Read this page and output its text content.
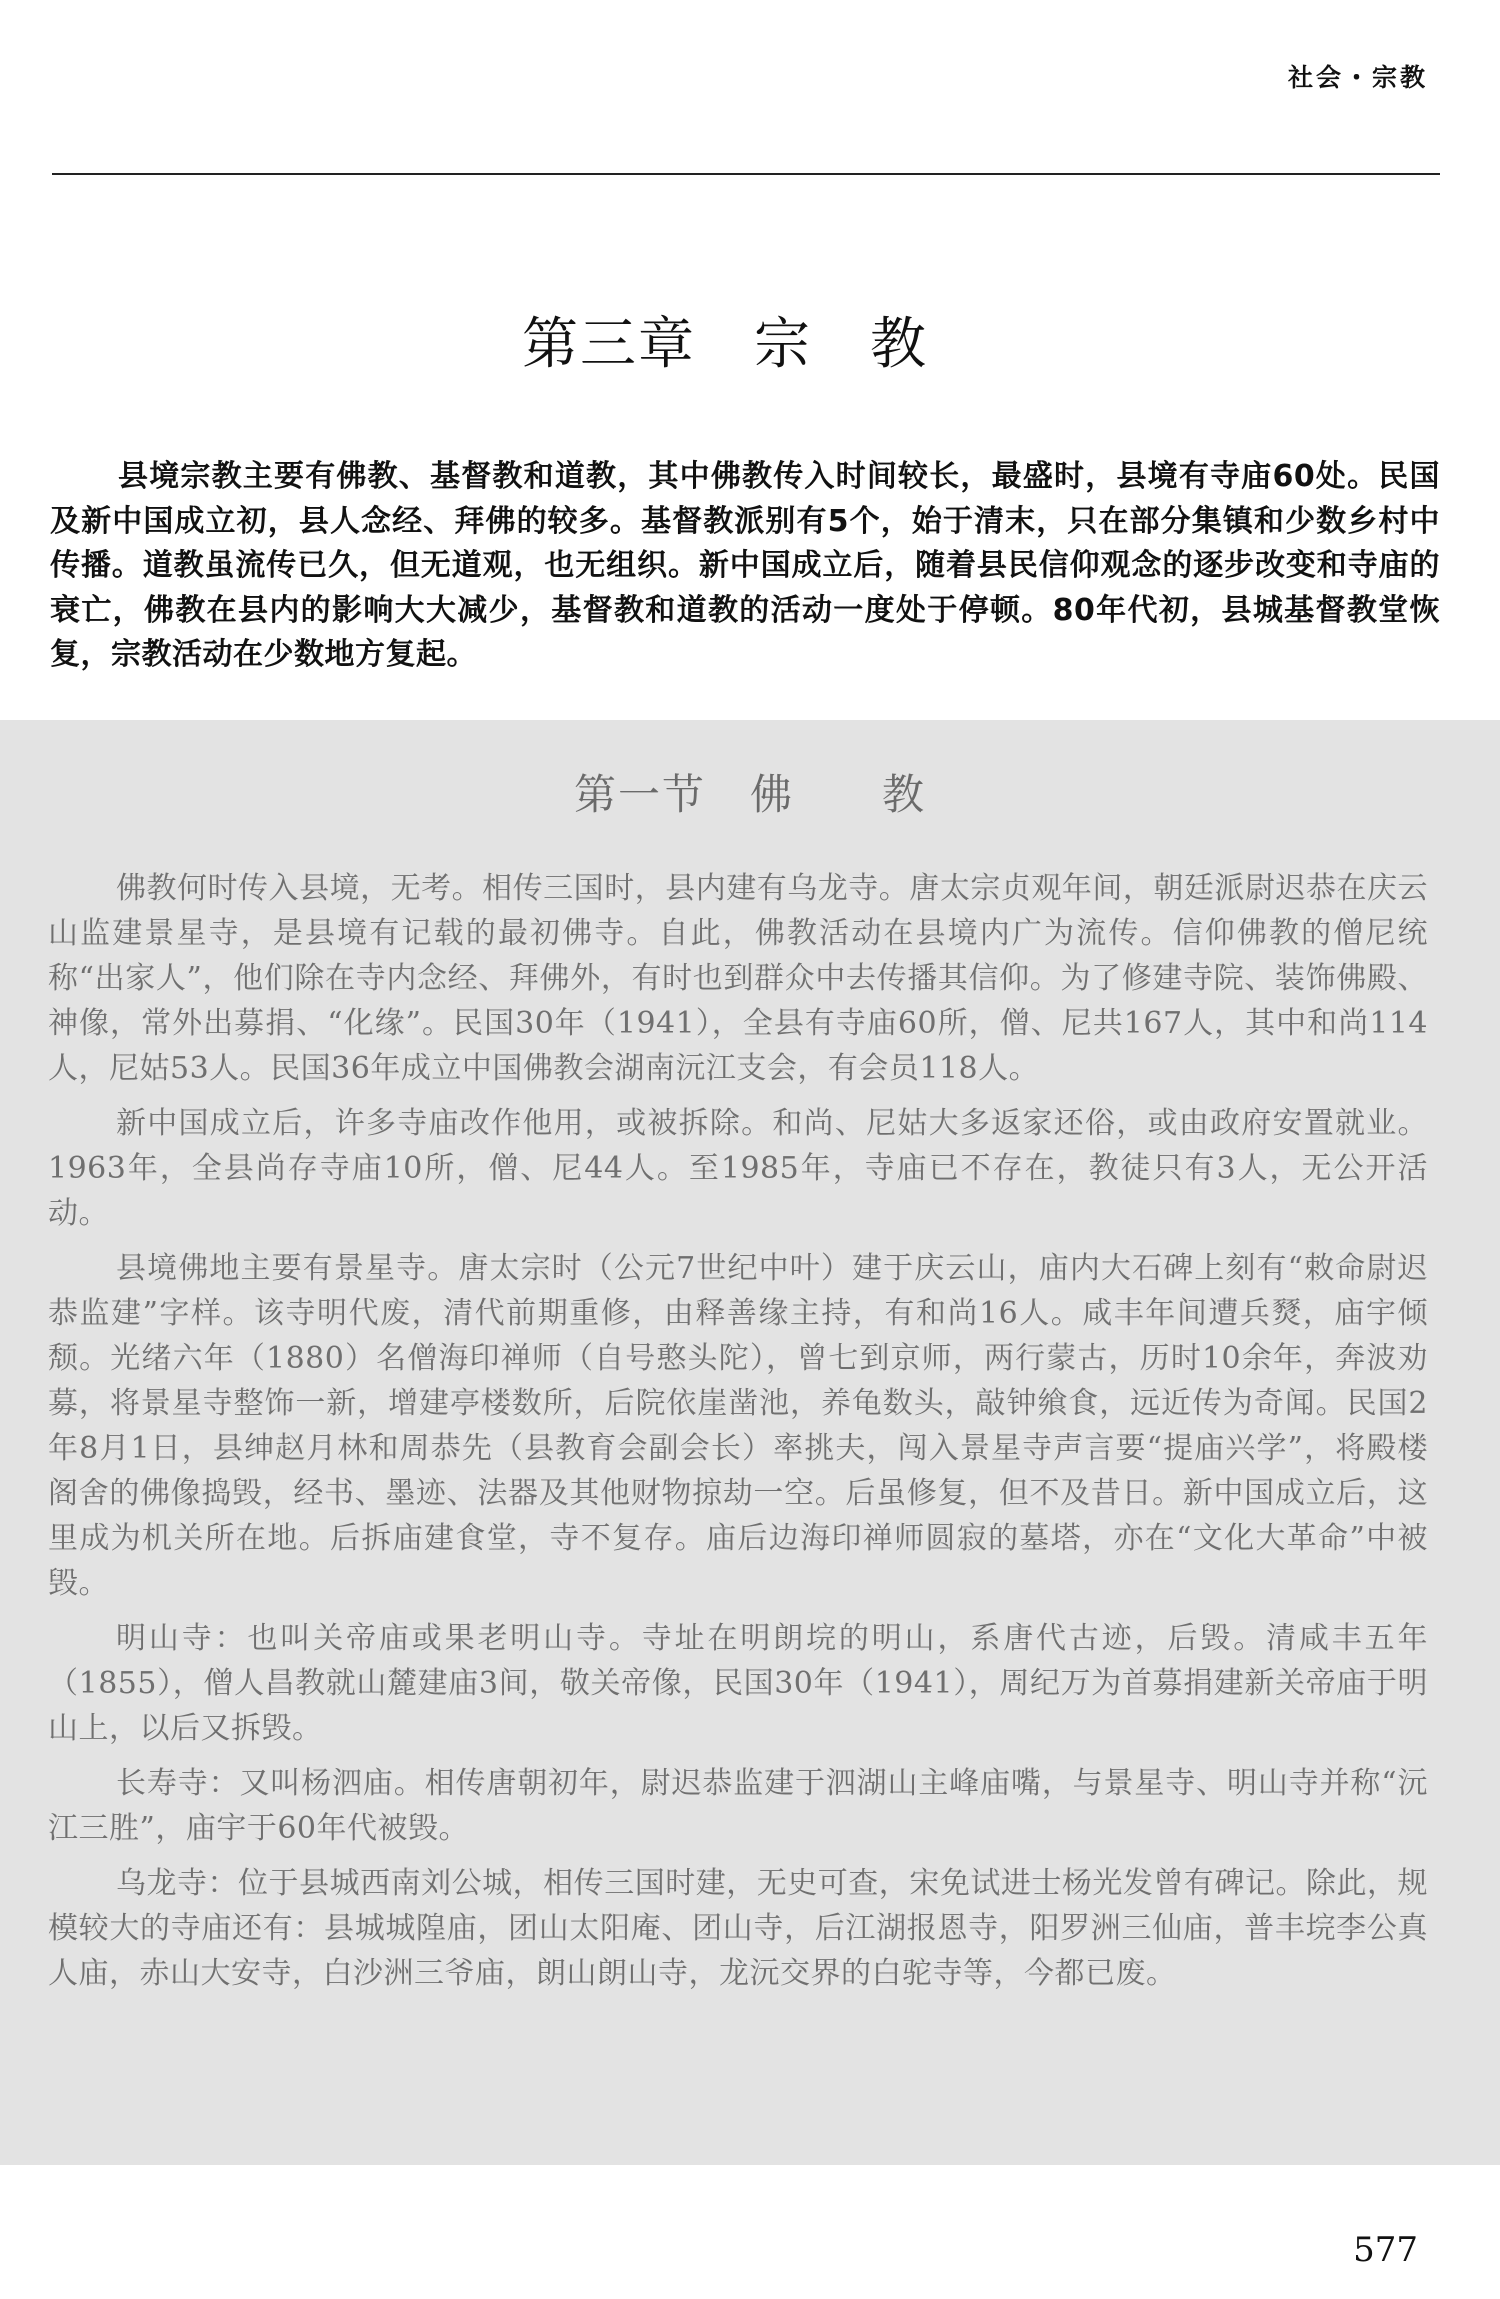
社会・宗教
第三章　宗　教

县境宗教主要有佛教、基督教和道教，其中佛教传入时间较长，最盛时，县境有寺庙60处。民国及新中国成立初，县人念经、拜佛的较多。基督教派别有5个，始于清末，只在部分集镇和少数乡村中传播。道教虽流传已久，但无道观，也无组织。新中国成立后，随着县民信仰观念的逐步改变和寺庙的衰亡，佛教在县内的影响大大减少，基督教和道教的活动一度处于停顿。80年代初，县城基督教堂恢复，宗教活动在少数地方复起。

第一节　佛　　教

佛教何时传入县境，无考。相传三国时，县内建有乌龙寺。唐太宗贞观年间，朝廷派尉迟恭在庆云山监建景星寺，是县境有记载的最初佛寺。自此，佛教活动在县境内广为流传。信仰佛教的僧尼统称“出家人”，他们除在寺内念经、拜佛外，有时也到群众中去传播其信仰。为了修建寺院、装饰佛殿、神像，常外出募捐、“化缘”。民国30年（1941），全县有寺庙60所，僧、尼共167人，其中和尚114人，尼姑53人。民国36年成立中国佛教会湖南沅江支会，有会员118人。

新中国成立后，许多寺庙改作他用，或被拆除。和尚、尼姑大多返家还俗，或由政府安置就业。1963年，全县尚存寺庙10所，僧、尼44人。至1985年，寺庙已不存在，教徒只有3人，无公开活动。

县境佛地主要有景星寺。唐太宗时（公元7世纪中叶）建于庆云山，庙内大石碑上刻有“敕命尉迟恭监建”字样。该寺明代废，清代前期重修，由释善缘主持，有和尚16人。咸丰年间遭兵燹，庙宇倾颓。光绪六年（1880）名僧海印禅师（自号憨头陀），曾七到京师，两行蒙古，历时10余年，奔波劝募，将景星寺整饰一新，增建亭楼数所，后院依崖凿池，养龟数头，敲钟飨食，远近传为奇闻。民国2年8月1日，县绅赵月林和周恭先（县教育会副会长）率挑夫，闯入景星寺声言要“提庙兴学”，将殿楼阁舍的佛像捣毁，经书、墨迹、法器及其他财物掠劫一空。后虽修复，但不及昔日。新中国成立后，这里成为机关所在地。后拆庙建食堂，寺不复存。庙后边海印禅师圆寂的墓塔，亦在“文化大革命”中被毁。

明山寺：也叫关帝庙或果老明山寺。寺址在明朗垸的明山，系唐代古迹，后毁。清咸丰五年（1855），僧人昌教就山麓建庙3间，敬关帝像，民国30年（1941），周纪万为首募捐建新关帝庙于明山上，以后又拆毁。

长寿寺：又叫杨泗庙。相传唐朝初年，尉迟恭监建于泗湖山主峰庙嘴，与景星寺、明山寺并称“沅江三胜”，庙宇于60年代被毁。

乌龙寺：位于县城西南刘公城，相传三国时建，无史可查，宋免试进士杨光发曾有碑记。除此，规模较大的寺庙还有：县城城隍庙，团山太阳庵、团山寺，后江湖报恩寺，阳罗洲三仙庙，普丰垸李公真人庙，赤山大安寺，白沙洲三爷庙，朗山朗山寺，龙沅交界的白驼寺等，今都已废。

577
